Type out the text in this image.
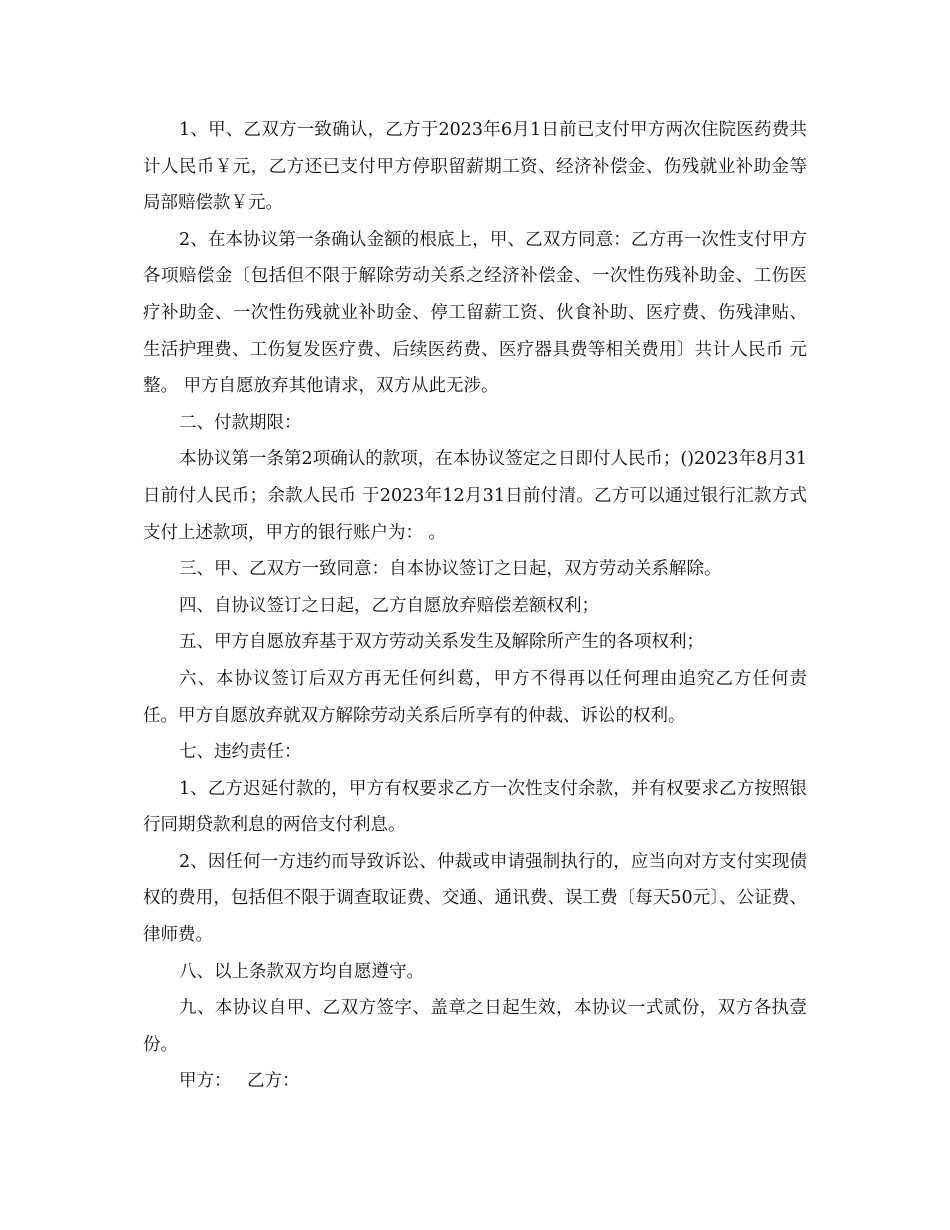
1、甲、乙双方一致确认，乙方于2023年6月1日前已支付甲方两次住院医药费共计人民币￥元，乙方还已支付甲方停职留薪期工资、经济补偿金、伤残就业补助金等局部赔偿款￥元。

2、在本协议第一条确认金额的根底上，甲、乙双方同意：乙方再一次性支付甲方各项赔偿金〔包括但不限于解除劳动关系之经济补偿金、一次性伤残补助金、工伤医疗补助金、一次性伤残就业补助金、停工留薪工资、伙食补助、医疗费、伤残津贴、生活护理费、工伤复发医疗费、后续医药费、医疗器具费等相关费用〕共计人民币 元整。 甲方自愿放弃其他请求，双方从此无涉。

二、付款期限：

本协议第一条第2项确认的款项，在本协议签定之日即付人民币；()2023年8月31日前付人民币；余款人民币 于2023年12月31日前付清。乙方可以通过银行汇款方式支付上述款项，甲方的银行账户为： 。

三、甲、乙双方一致同意：自本协议签订之日起，双方劳动关系解除。

四、自协议签订之日起，乙方自愿放弃赔偿差额权利；

五、甲方自愿放弃基于双方劳动关系发生及解除所产生的各项权利；

六、本协议签订后双方再无任何纠葛，甲方不得再以任何理由追究乙方任何责任。甲方自愿放弃就双方解除劳动关系后所享有的仲裁、诉讼的权利。

七、违约责任：

1、乙方迟延付款的，甲方有权要求乙方一次性支付余款，并有权要求乙方按照银行同期贷款利息的两倍支付利息。

2、因任何一方违约而导致诉讼、仲裁或申请强制执行的，应当向对方支付实现债权的费用，包括但不限于调查取证费、交通、通讯费、误工费〔每天50元〕、公证费、律师费。

八、以上条款双方均自愿遵守。

九、本协议自甲、乙双方签字、盖章之日起生效，本协议一式贰份，双方各执壹份。

甲方： 乙方：
